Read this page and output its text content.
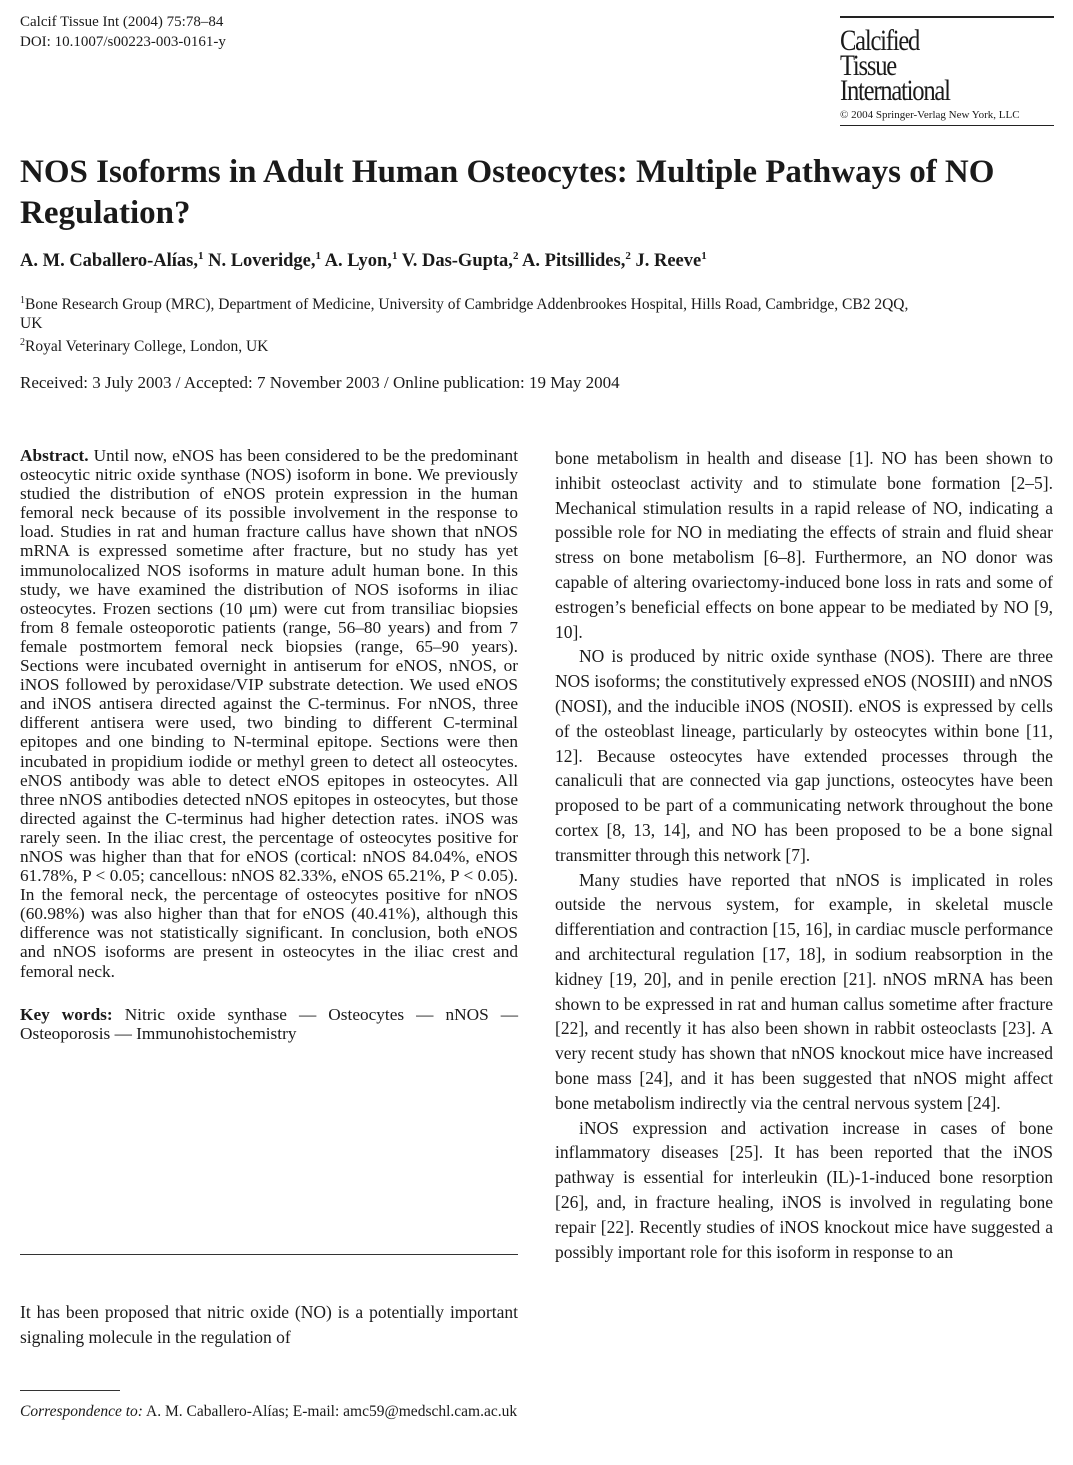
Calcif Tissue Int (2004) 75:78–84
DOI: 10.1007/s00223-003-0161-y	Calcified
Tissue
International
© 2004 Springer-Verlag New York, LLC
NOS Isoforms in Adult Human Osteocytes: Multiple Pathways of NO Regulation?
A. M. Caballero-Alías,$^1$ N. Loveridge,$^1$ A. Lyon,$^1$ V. Das-Gupta,$^2$ A. Pitsillides,$^2$ J. Reeve$^1$
$^1$Bone Research Group (MRC), Department of Medicine, University of Cambridge Addenbrookes Hospital, Hills Road, Cambridge, CB2 2QQ, UK
$^2$Royal Veterinary College, London, UK
Received: 3 July 2003 / Accepted: 7 November 2003 / Online publication: 19 May 2004
Abstract. Until now, eNOS has been considered to be the predominant osteocytic nitric oxide synthase (NOS) isoform in bone. We previously studied the distribution of eNOS protein expression in the human femoral neck because of its possible involvement in the response to load. Studies in rat and human fracture callus have shown that nNOS mRNA is expressed sometime after fracture, but no study has yet immunolocalized NOS isoforms in mature adult human bone. In this study, we have examined the distribution of NOS isoforms in iliac osteocytes. Frozen sections (10 μm) were cut from transiliac biopsies from 8 female osteoporotic patients (range, 56–80 years) and from 7 female postmortem femoral neck biopsies (range, 65–90 years). Sections were incubated overnight in antiserum for eNOS, nNOS, or iNOS followed by peroxidase/VIP substrate detection. We used eNOS and iNOS antisera directed against the C-terminus. For nNOS, three different antisera were used, two binding to different C-terminal epitopes and one binding to N-terminal epitope. Sections were then incubated in propidium iodide or methyl green to detect all osteocytes. eNOS antibody was able to detect eNOS epitopes in osteocytes. All three nNOS antibodies detected nNOS epitopes in osteocytes, but those directed against the C-terminus had higher detection rates. iNOS was rarely seen. In the iliac crest, the percentage of osteocytes positive for nNOS was higher than that for eNOS (cortical: nNOS 84.04%, eNOS 61.78%, P < 0.05; cancellous: nNOS 82.33%, eNOS 65.21%, P < 0.05). In the femoral neck, the percentage of osteocytes positive for nNOS (60.98%) was also higher than that for eNOS (40.41%), although this difference was not statistically significant. In conclusion, both eNOS and nNOS isoforms are present in osteocytes in the iliac crest and femoral neck.
Key words: Nitric oxide synthase — Osteocytes — nNOS — Osteoporosis — Immunohistochemistry
It has been proposed that nitric oxide (NO) is a potentially important signaling molecule in the regulation of
Correspondence to: A. M. Caballero-Alías; E-mail: amc59@medschl.cam.ac.uk

bone metabolism in health and disease [1]. NO has been shown to inhibit osteoclast activity and to stimulate bone formation [2–5]. Mechanical stimulation results in a rapid release of NO, indicating a possible role for NO in mediating the effects of strain and fluid shear stress on bone metabolism [6–8]. Furthermore, an NO donor was capable of altering ovariectomy-induced bone loss in rats and some of estrogen’s beneficial effects on bone appear to be mediated by NO [9, 10].

NO is produced by nitric oxide synthase (NOS). There are three NOS isoforms; the constitutively expressed eNOS (NOSIII) and nNOS (NOSI), and the inducible iNOS (NOSII). eNOS is expressed by cells of the osteoblast lineage, particularly by osteocytes within bone [11, 12]. Because osteocytes have extended processes through the canaliculi that are connected via gap junctions, osteocytes have been proposed to be part of a communicating network throughout the bone cortex [8, 13, 14], and NO has been proposed to be a bone signal transmitter through this network [7].

Many studies have reported that nNOS is implicated in roles outside the nervous system, for example, in skeletal muscle differentiation and contraction [15, 16], in cardiac muscle performance and architectural regulation [17, 18], in sodium reabsorption in the kidney [19, 20], and in penile erection [21]. nNOS mRNA has been shown to be expressed in rat and human callus sometime after fracture [22], and recently it has also been shown in rabbit osteoclasts [23]. A very recent study has shown that nNOS knockout mice have increased bone mass [24], and it has been suggested that nNOS might affect bone metabolism indirectly via the central nervous system [24].

iNOS expression and activation increase in cases of bone inflammatory diseases [25]. It has been reported that the iNOS pathway is essential for interleukin (IL)-1-induced bone resorption [26], and, in fracture healing, iNOS is involved in regulating bone repair [22]. Recently studies of iNOS knockout mice have suggested a possibly important role for this isoform in response to an
